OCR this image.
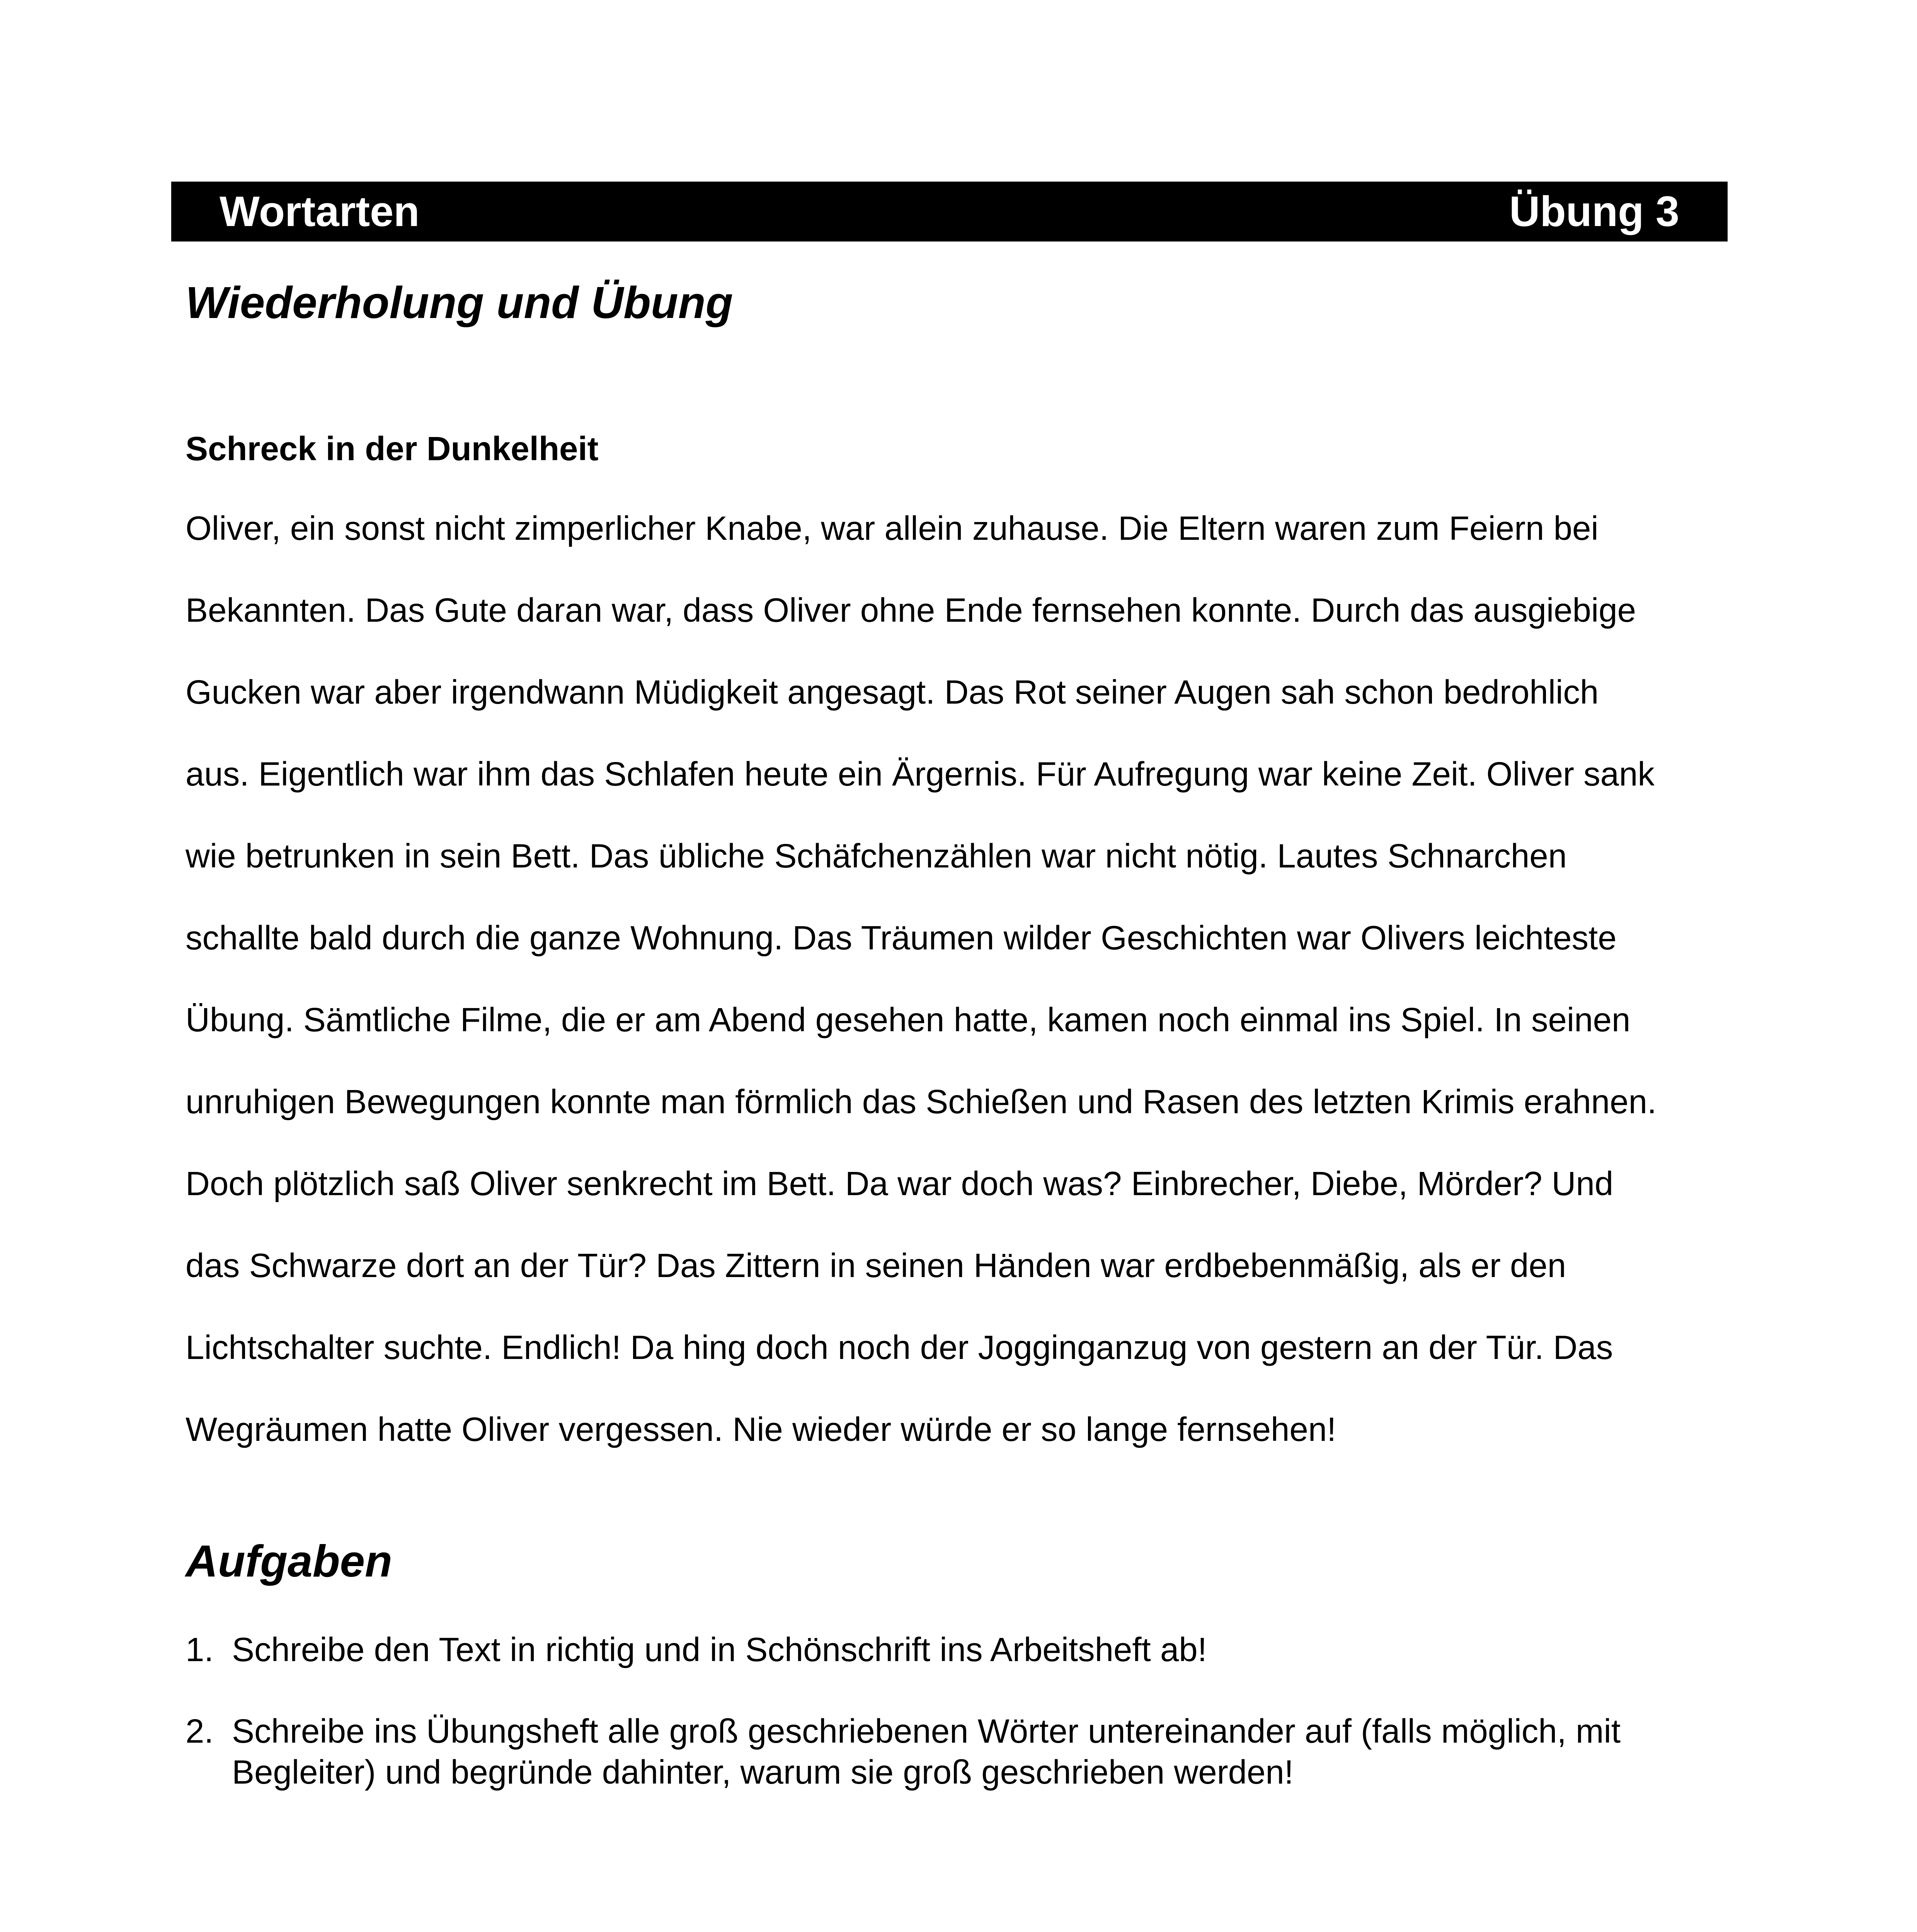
Wortarten	Übung 3
Wiederholung und Übung
Schreck in der Dunkelheit
Oliver, ein sonst nicht zimperlicher Knabe, war allein zuhause. Die Eltern waren zum Feiern bei
Bekannten. Das Gute daran war, dass Oliver ohne Ende fernsehen konnte. Durch das ausgiebige
Gucken war aber irgendwann Müdigkeit angesagt. Das Rot seiner Augen sah schon bedrohlich
aus. Eigentlich war ihm das Schlafen heute ein Ärgernis. Für Aufregung war keine Zeit. Oliver sank
wie betrunken in sein Bett. Das übliche Schäfchenzählen war nicht nötig. Lautes Schnarchen
schallte bald durch die ganze Wohnung. Das Träumen wilder Geschichten war Olivers leichteste
Übung. Sämtliche Filme, die er am Abend gesehen hatte, kamen noch einmal ins Spiel. In seinen
unruhigen Bewegungen konnte man förmlich das Schießen und Rasen des letzten Krimis erahnen.
Doch plötzlich saß Oliver senkrecht im Bett. Da war doch was? Einbrecher, Diebe, Mörder? Und
das Schwarze dort an der Tür? Das Zittern in seinen Händen war erdbebenmäßig, als er den
Lichtschalter suchte. Endlich! Da hing doch noch der Jogginganzug von gestern an der Tür. Das
Wegräumen hatte Oliver vergessen. Nie wieder würde er so lange fernsehen!
Aufgaben
1. Schreibe den Text in richtig und in Schönschrift ins Arbeitsheft ab!
2. Schreibe ins Übungsheft alle groß geschriebenen Wörter untereinander auf (falls möglich, mit Begleiter) und begründe dahinter, warum sie groß geschrieben werden!
